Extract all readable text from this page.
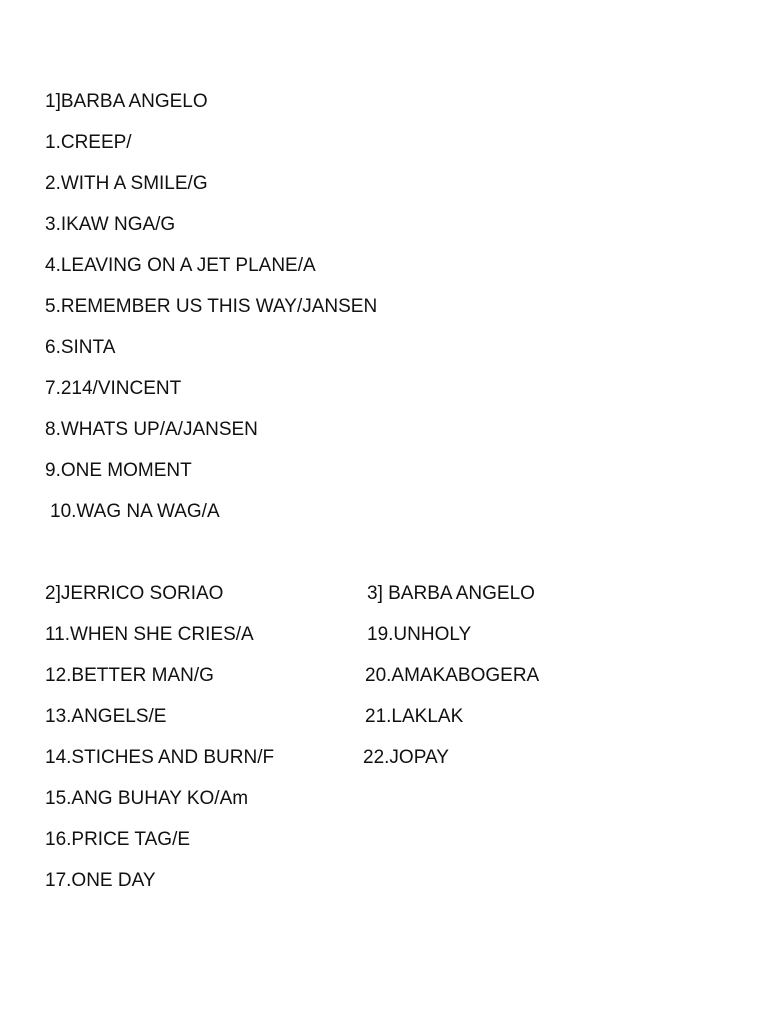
1]BARBA ANGELO
1.CREEP/
2.WITH A SMILE/G
3.IKAW NGA/G
4.LEAVING ON A JET PLANE/A
5.REMEMBER US THIS WAY/JANSEN
6.SINTA
7.214/VINCENT
8.WHATS UP/A/JANSEN
9.ONE MOMENT
10.WAG NA WAG/A
2]JERRICO SORIAO
11.WHEN SHE CRIES/A
12.BETTER MAN/G
13.ANGELS/E
14.STICHES AND BURN/F
15.ANG BUHAY KO/Am
16.PRICE TAG/E
17.ONE DAY
3] BARBA ANGELO
19.UNHOLY
20.AMAKABOGERA
21.LAKLAK
22.JOPAY
